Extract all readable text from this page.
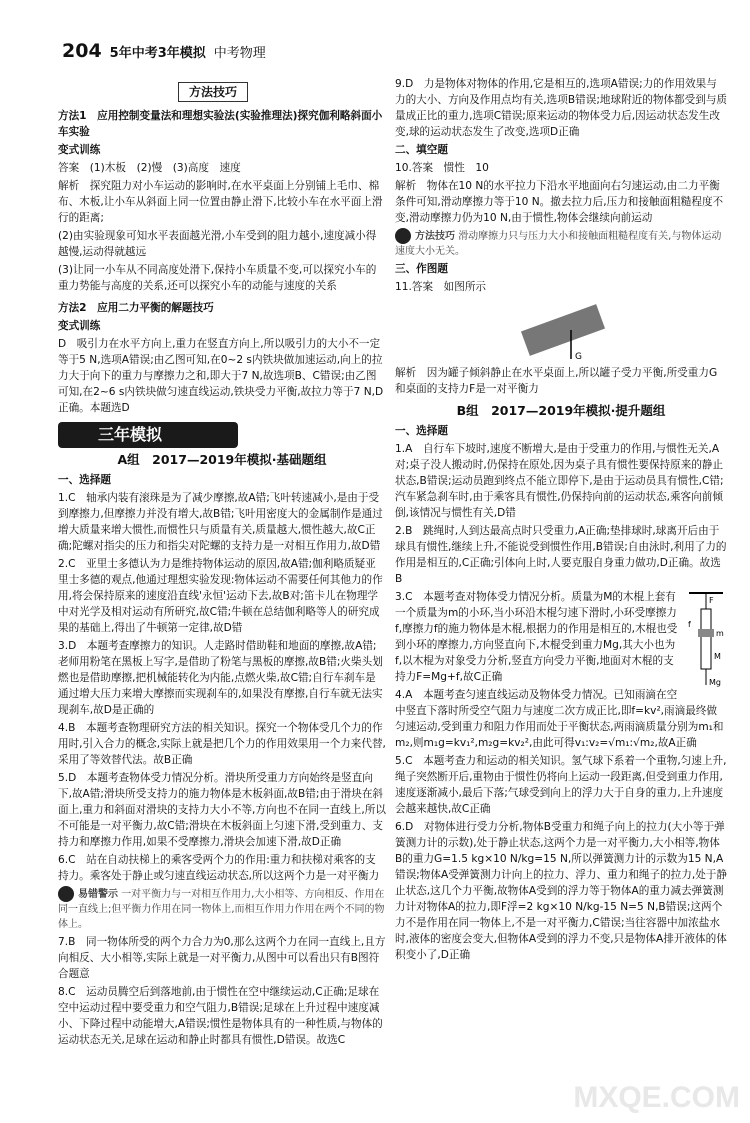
204 5年中考3年模拟 中考物理
方法技巧

方法1　应用控制变量法和理想实验法(实验推理法)探究伽利略斜面小车实验

变式训练

答案　(1)木板　(2)慢　(3)高度　速度

解析　探究阻力对小车运动的影响时,在水平桌面上分别铺上毛巾、棉布、木板,让小车从斜面上同一位置由静止滑下,比较小车在水平面上滑行的距离;

(2)由实验现象可知水平表面越光滑,小车受到的阻力越小,速度减小得越慢,运动得就越远

(3)让同一小车从不同高度处滑下,保持小车质量不变,可以探究小车的重力势能与高度的关系,还可以探究小车的动能与速度的关系

方法2　应用二力平衡的解题技巧

变式训练

D　吸引力在水平方向上,重力在竖直方向上,所以吸引力的大小不一定等于5 N,选项A错误;由乙图可知,在0~2 s内铁块做加速运动,向上的拉力大于向下的重力与摩擦力之和,即大于7 N,故选项B、C错误;由乙图可知,在2~6 s内铁块做匀速直线运动,铁块受力平衡,故拉力等于7 N,D正确。本题选D

三年模拟
A组　2017—2019年模拟·基础题组

一、选择题

1.C　轴承内装有滚珠是为了减少摩擦,故A错;飞叶转速减小,是由于受到摩擦力,但摩擦力并没有增大,故B错;飞叶用密度大的金属制作是通过增大质量来增大惯性,而惯性只与质量有关,质量越大,惯性越大,故C正确;陀螺对指尖的压力和指尖对陀螺的支持力是一对相互作用力,故D错

2.C　亚里士多德认为力是维持物体运动的原因,故A错;伽利略质疑亚里士多德的观点,他通过理想实验发现:物体运动不需要任何其他力的作用,将会保持原来的速度沿直线'永恒'运动下去,故B对;笛卡儿在物理学中对光学及相对运动有所研究,故C错;牛顿在总结伽利略等人的研究成果的基础上,得出了牛顿第一定律,故D错

3.D　本题考查摩擦力的知识。人走路时借助鞋和地面的摩擦,故A错;老师用粉笔在黑板上写字,是借助了粉笔与黑板的摩擦,故B错;火柴头划燃也是借助摩擦,把机械能转化为内能,点燃火柴,故C错;自行车刹车是通过增大压力来增大摩擦而实现刹车的,如果没有摩擦,自行车就无法实现刹车,故D是正确的

4.B　本题考查物理研究方法的相关知识。探究一个物体受几个力的作用时,引入合力的概念,实际上就是把几个力的作用效果用一个力来代替,采用了等效替代法。故B正确

5.D　本题考查物体受力情况分析。滑块所受重力方向始终是竖直向下,故A错;滑块所受支持力的施力物体是木板斜面,故B错;由于滑块在斜面上,重力和斜面对滑块的支持力大小不等,方向也不在同一直线上,所以不可能是一对平衡力,故C错;滑块在木板斜面上匀速下滑,受到重力、支持力和摩擦力作用,如果不受摩擦力,滑块会加速下滑,故D正确

6.C　站在自动扶梯上的乘客受两个力的作用:重力和扶梯对乘客的支持力。乘客处于静止或匀速直线运动状态,所以这两个力是一对平衡力

易错警示 一对平衡力与一对相互作用力,大小相等、方向相反、作用在同一直线上;但平衡力作用在同一物体上,而相互作用力作用在两个不同的物体上。

7.B　同一物体所受的两个力合力为0,那么这两个力在同一直线上,且方向相反、大小相等,实际上就是一对平衡力,从图中可以看出只有B图符合题意

8.C　运动员腾空后到落地前,由于惯性在空中继续运动,C正确;足球在空中运动过程中要受重力和空气阻力,B错误;足球在上升过程中速度减小、下降过程中动能增大,A错误;惯性是物体具有的一种性质,与物体的运动状态无关,足球在运动和静止时都具有惯性,D错误。故选C

9.D　力是物体对物体的作用,它是相互的,选项A错误;力的作用效果与力的大小、方向及作用点均有关,选项B错误;地球附近的物体都受到与质量成正比的重力,选项C错误;原来运动的物体受力后,因运动状态发生改变,球的运动状态发生了改变,选项D正确

二、填空题

10.答案　惯性　10

解析　物体在10 N的水平拉力下沿水平地面向右匀速运动,由二力平衡条件可知,滑动摩擦力等于10 N。撤去拉力后,压力和接触面粗糙程度不变,滑动摩擦力仍为10 N,由于惯性,物体会继续向前运动

方法技巧 滑动摩擦力只与压力大小和接触面粗糙程度有关,与物体运动速度大小无关。

三、作图题

11.答案　如图所示

G

解析　因为罐子倾斜静止在水平桌面上,所以罐子受力平衡,所受重力G和桌面的支持力F是一对平衡力

B组　2017—2019年模拟·提升题组

一、选择题

1.A　自行车下坡时,速度不断增大,是由于受重力的作用,与惯性无关,A对;桌子没人搬动时,仍保持在原处,因为桌子具有惯性要保持原来的静止状态,B错误;运动员跑到终点不能立即停下,是由于运动员具有惯性,C错;汽车紧急刹车时,由于乘客具有惯性,仍保持向前的运动状态,乘客向前倾倒,该情况与惯性有关,D错

2.B　跳绳时,人到达最高点时只受重力,A正确;垫排球时,球离开后由于球具有惯性,继续上升,不能说受到惯性作用,B错误;自由泳时,利用了力的作用是相互的,C正确;引体向上时,人要克服自身重力做功,D正确。故选B

F
f
m
M
Mg

3.C　本题考查对物体受力情况分析。质量为M的木棍上套有一个质量为m的小环,当小环沿木棍匀速下滑时,小环受摩擦力f,摩擦力f的施力物体是木棍,根据力的作用是相互的,木棍也受到小环的摩擦力,方向竖直向下,木棍受到重力Mg,其大小也为f,以木棍为对象受力分析,竖直方向受力平衡,地面对木棍的支持力F=Mg+f,故C正确

4.A　本题考查匀速直线运动及物体受力情况。已知雨滴在空中竖直下落时所受空气阻力与速度二次方成正比,即f=kv²,雨滴最终做匀速运动,受到重力和阻力作用而处于平衡状态,两雨滴质量分别为m₁和m₂,则m₁g=kv₁²,m₂g=kv₂²,由此可得v₁:v₂=√m₁:√m₂,故A正确

5.C　本题考查力和运动的相关知识。氢气球下系着一个重物,匀速上升,绳子突然断开后,重物由于惯性仍将向上运动一段距离,但受到重力作用,速度逐渐减小,最后下落;气球受到向上的浮力大于自身的重力,上升速度会越来越快,故C正确

6.D　对物体进行受力分析,物体B受重力和绳子向上的拉力(大小等于弹簧测力计的示数),处于静止状态,这两个力是一对平衡力,大小相等,物体B的重力G=1.5 kg×10 N/kg=15 N,所以弹簧测力计的示数为15 N,A错误;物体A受弹簧测力计向上的拉力、浮力、重力和绳子的拉力,处于静止状态,这几个力平衡,故物体A受到的浮力等于物体A的重力减去弹簧测力计对物体A的拉力,即F浮=2 kg×10 N/kg-15 N=5 N,B错误;这两个力不是作用在同一物体上,不是一对平衡力,C错误;当往容器中加浓盐水时,液体的密度会变大,但物体A受到的浮力不变,只是物体A排开液体的体积变小了,D正确

MXQE.COM
